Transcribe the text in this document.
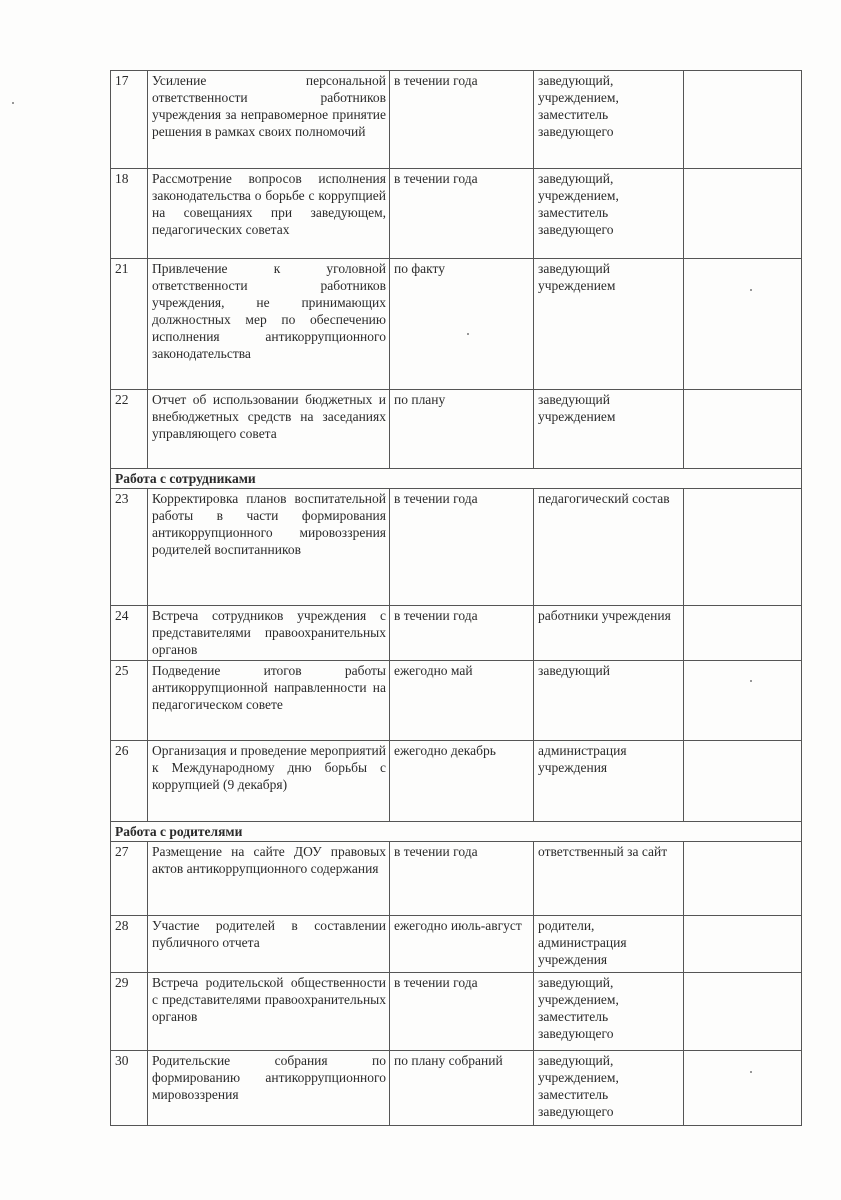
17	Усиление персональной ответственности работников учреждения за неправомерное принятие решения в рамках своих полномочий	в течении года	заведующий, учреждением, заместитель заведующего	
18	Рассмотрение вопросов исполнения законодательства о борьбе с коррупцией на совещаниях при заведующем, педагогических советах	в течении года	заведующий, учреждением, заместитель заведующего	
21	Привлечение к уголовной ответственности работников учреждения, не принимающих должностных мер по обеспечению исполнения антикоррупционного законодательства	по факту	заведующий учреждением	
22	Отчет об использовании бюджетных и внебюджетных средств на заседаниях управляющего совета	по плану	заведующий учреждением	
Работа с сотрудниками				
23	Корректировка планов воспитательной работы в части формирования антикоррупционного мировоззрения родителей воспитанников	в течении года	педагогический состав	
24	Встреча сотрудников учреждения с представителями правоохранительных органов	в течении года	работники учреждения	
25	Подведение итогов работы антикоррупционной направленности на педагогическом совете	ежегодно май	заведующий	
26	Организация и проведение мероприятий к Международному дню борьбы с коррупцией (9 декабря)	ежегодно декабрь	администрация учреждения	
Работа с родителями				
27	Размещение на сайте ДОУ правовых актов антикоррупционного содержания	в течении года	ответственный за сайт	
28	Участие родителей в составлении публичного отчета	ежегодно июль-август	родители, администрация учреждения	
29	Встреча родительской общественности с представителями правоохранительных органов	в течении года	заведующий, учреждением, заместитель заведующего	
30	Родительские собрания по формированию антикоррупционного мировоззрения	по плану собраний	заведующий, учреждением, заместитель заведующего	
